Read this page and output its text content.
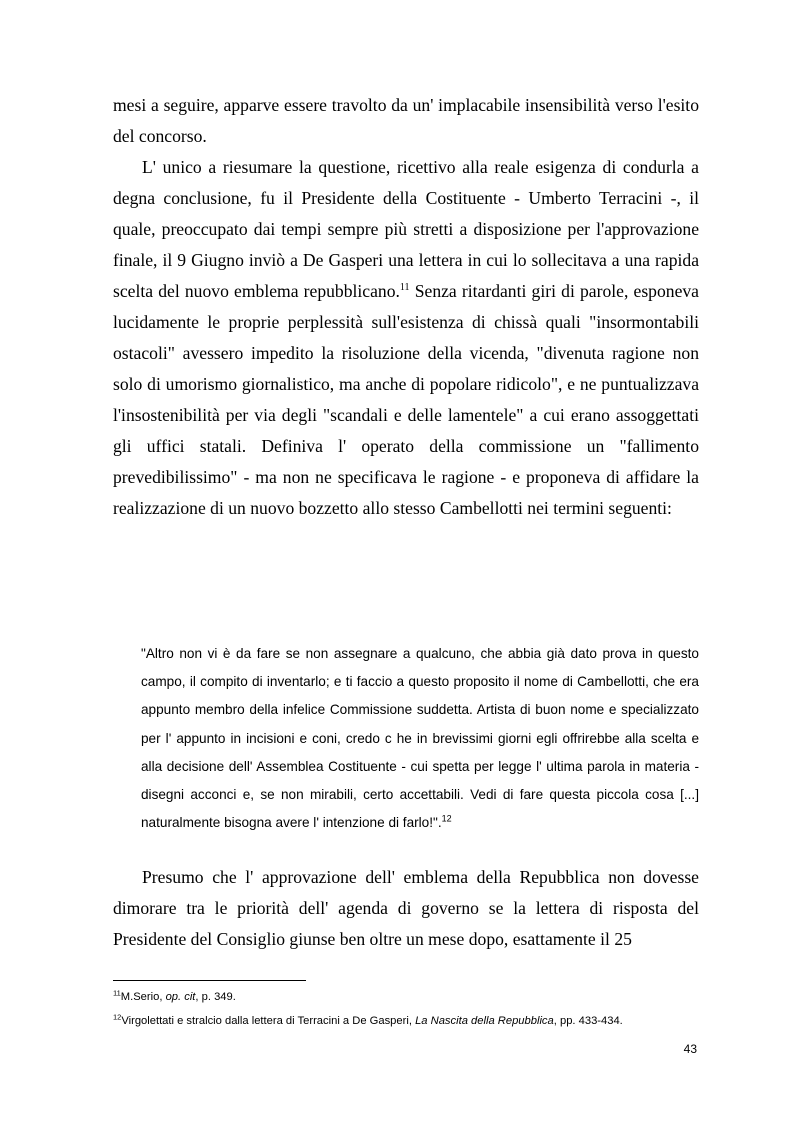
mesi a seguire, apparve essere travolto da un' implacabile insensibilità verso l'esito del concorso.

L' unico a riesumare la questione, ricettivo alla reale esigenza di condurla a degna conclusione, fu il Presidente della Costituente - Umberto Terracini -, il quale, preoccupato dai tempi sempre più stretti a disposizione per l'approvazione finale, il 9 Giugno inviò a De Gasperi una lettera in cui lo sollecitava a una rapida scelta del nuovo emblema repubblicano.$^{11}$ Senza ritardanti giri di parole, esponeva lucidamente le proprie perplessità sull'esistenza di chissà quali "insormontabili ostacoli" avessero impedito la risoluzione della vicenda, "divenuta ragione non solo di umorismo giornalistico, ma anche di popolare ridicolo", e ne puntualizzava l'insostenibilità per via degli "scandali e delle lamentele" a cui erano assoggettati gli uffici statali. Definiva l' operato della commissione un "fallimento prevedibilissimo" - ma non ne specificava le ragione - e proponeva di affidare la realizzazione di un nuovo bozzetto allo stesso Cambellotti nei termini seguenti:

"Altro non vi è da fare se non assegnare a qualcuno, che abbia già dato prova in questo campo, il compito di inventarlo; e ti faccio a questo proposito il nome di Cambellotti, che era appunto membro della infelice Commissione suddetta. Artista di buon nome e specializzato per l' appunto in incisioni e coni, credo c he in brevissimi giorni egli offrirebbe alla scelta e alla decisione dell' Assemblea Costituente - cui spetta per legge l' ultima parola in materia - disegni acconci e, se non mirabili, certo accettabili. Vedi di fare questa piccola cosa [...] naturalmente bisogna avere l' intenzione di farlo!".$^{12}$

Presumo che l' approvazione dell' emblema della Repubblica non dovesse dimorare tra le priorità dell' agenda di governo se la lettera di risposta del Presidente del Consiglio giunse ben oltre un mese dopo, esattamente il 25

$^{11}$M.Serio, op. cit, p. 349.

$^{12}$Virgolettati e stralcio dalla lettera di Terracini a De Gasperi, La Nascita della Repubblica, pp. 433-434.

43
